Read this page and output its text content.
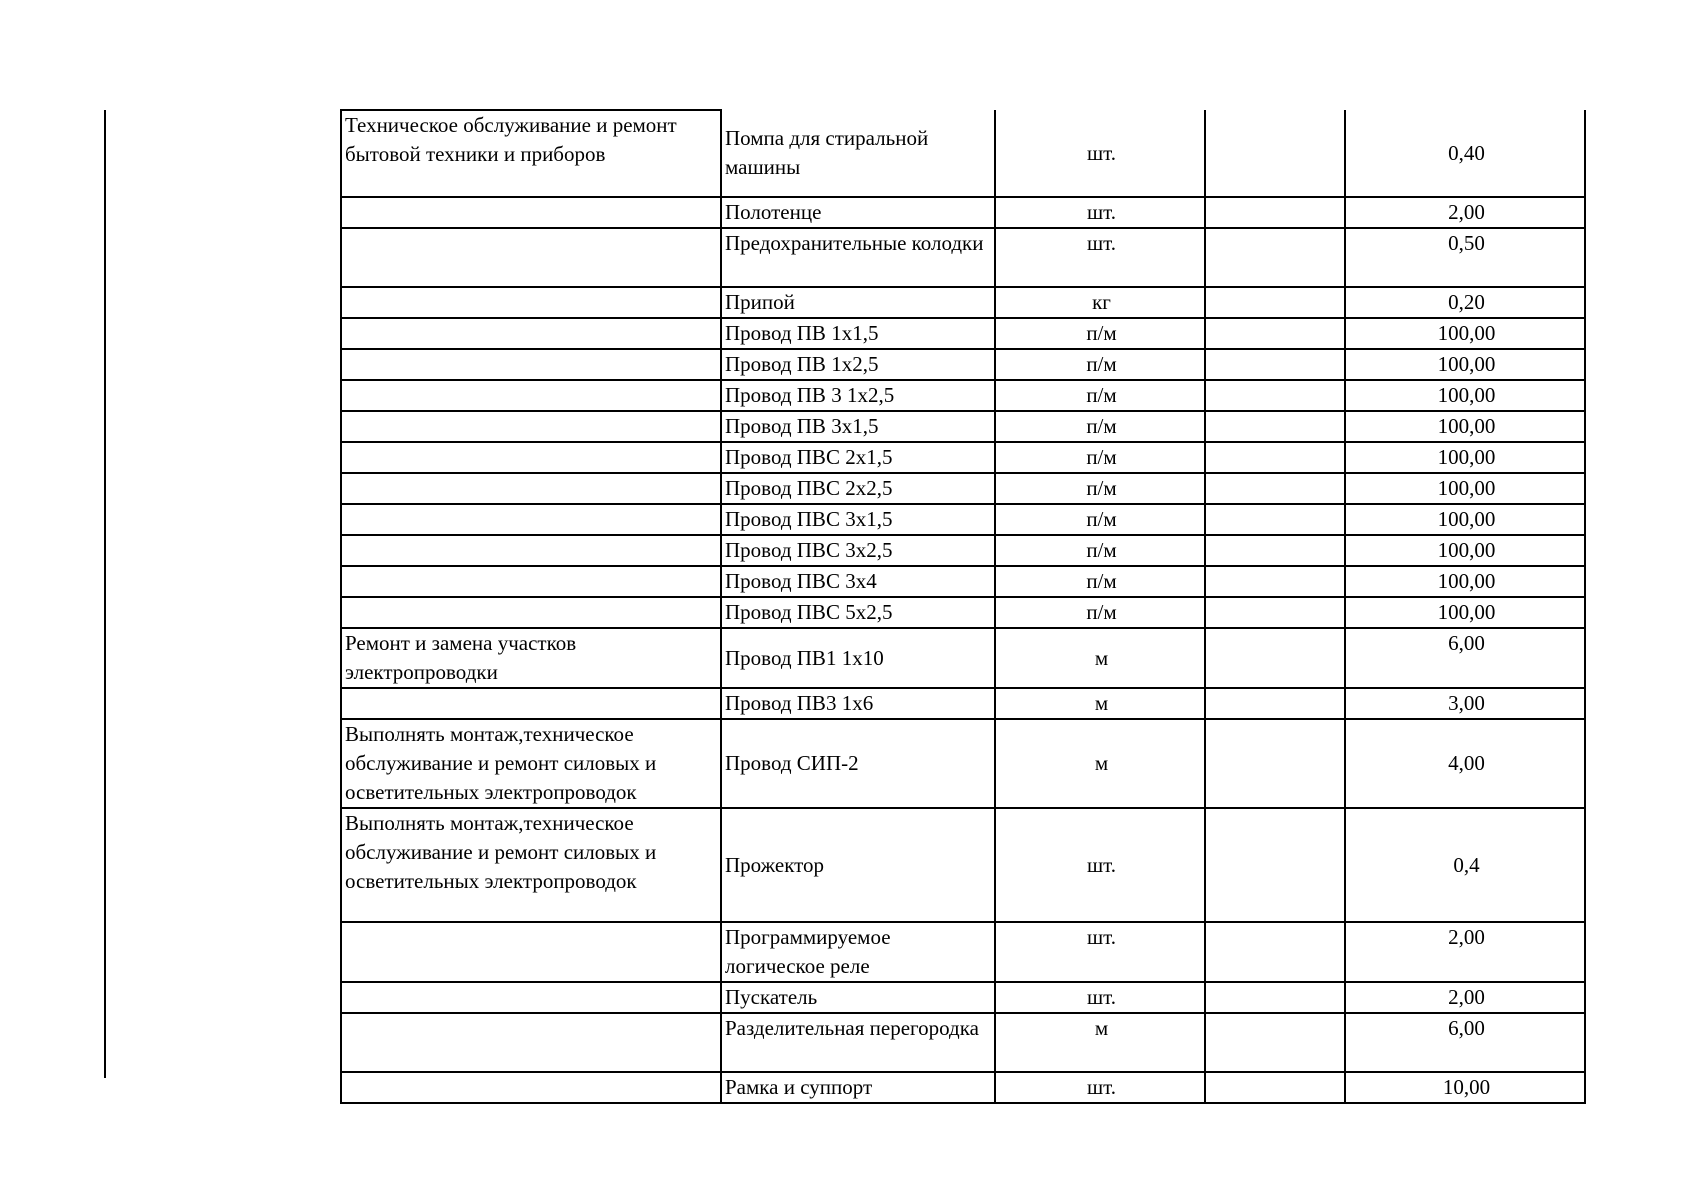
Техническое обслуживание и ремонт бытовой техники и приборов	Помпа для стиральной машины	шт.		0,40
	Полотенце	шт.		2,00
	Предохранительные колодки	шт.		0,50
	Припой	кг		0,20
	Провод ПВ 1х1,5	п/м		100,00
	Провод ПВ 1х2,5	п/м		100,00
	Провод ПВ 3 1х2,5	п/м		100,00
	Провод ПВ 3х1,5	п/м		100,00
	Провод ПВС 2х1,5	п/м		100,00
	Провод ПВС 2х2,5	п/м		100,00
	Провод ПВС 3х1,5	п/м		100,00
	Провод ПВС 3х2,5	п/м		100,00
	Провод ПВС 3х4	п/м		100,00
	Провод ПВС 5х2,5	п/м		100,00
Ремонт и замена участков электропроводки	Провод ПВ1 1х10	м		6,00
	Провод ПВ3 1х6	м		3,00
Выполнять монтаж,техническое обслуживание и ремонт силовых и осветительных электропроводок	Провод СИП-2	м		4,00
Выполнять монтаж,техническое обслуживание и ремонт силовых и осветительных электропроводок	Прожектор	шт.		0,4
	Программируемое логическое реле	шт.		2,00
	Пускатель	шт.		2,00
	Разделительная перегородка	м		6,00
	Рамка и суппорт	шт.		10,00
